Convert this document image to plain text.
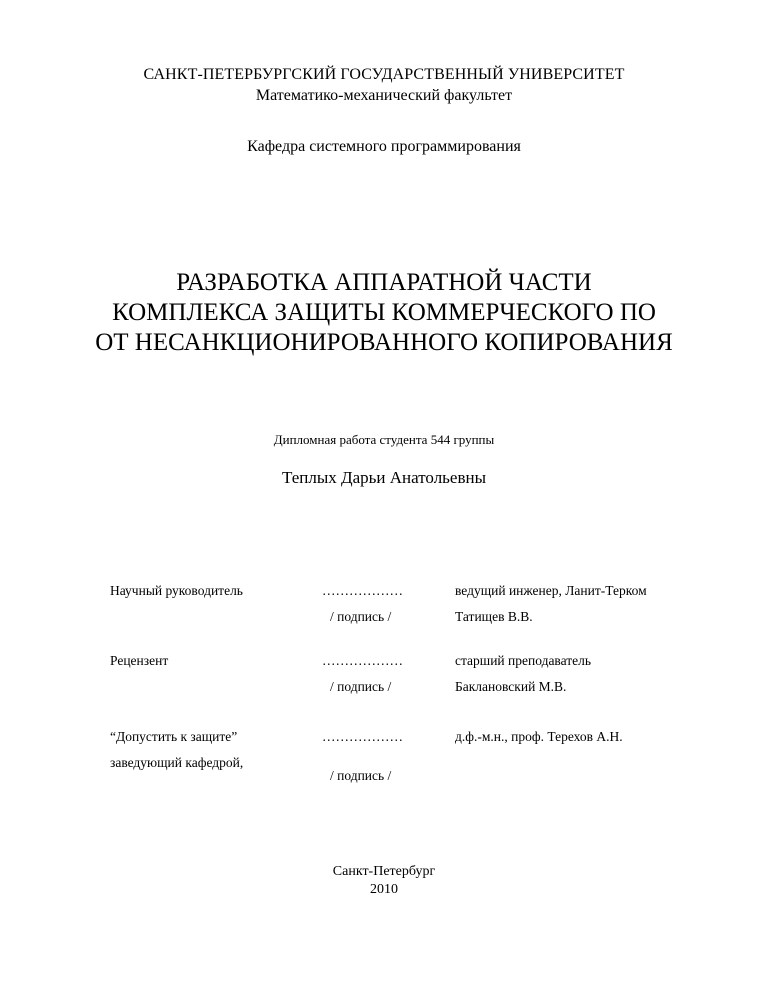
САНКТ-ПЕТЕРБУРГСКИЙ ГОСУДАРСТВЕННЫЙ УНИВЕРСИТЕТ
Математико-механический факультет
Кафедра системного программирования
РАЗРАБОТКА АППАРАТНОЙ ЧАСТИ
КОМПЛЕКСА ЗАЩИТЫ КОММЕРЧЕСКОГО ПО
ОТ НЕСАНКЦИОНИРОВАННОГО КОПИРОВАНИЯ
Дипломная работа студента 544 группы
Теплых Дарьи Анатольевны
Научный руководитель	………………	ведущий инженер, Ланит-Терком
/ подпись /	Татищев В.В.
Рецензент	………………	старший преподаватель
/ подпись /	Баклановский М.В.
“Допустить к защите”	………………	д.ф.-м.н., проф. Терехов А.Н.
заведующий кафедрой,
/ подпись /
Санкт-Петербург
2010
